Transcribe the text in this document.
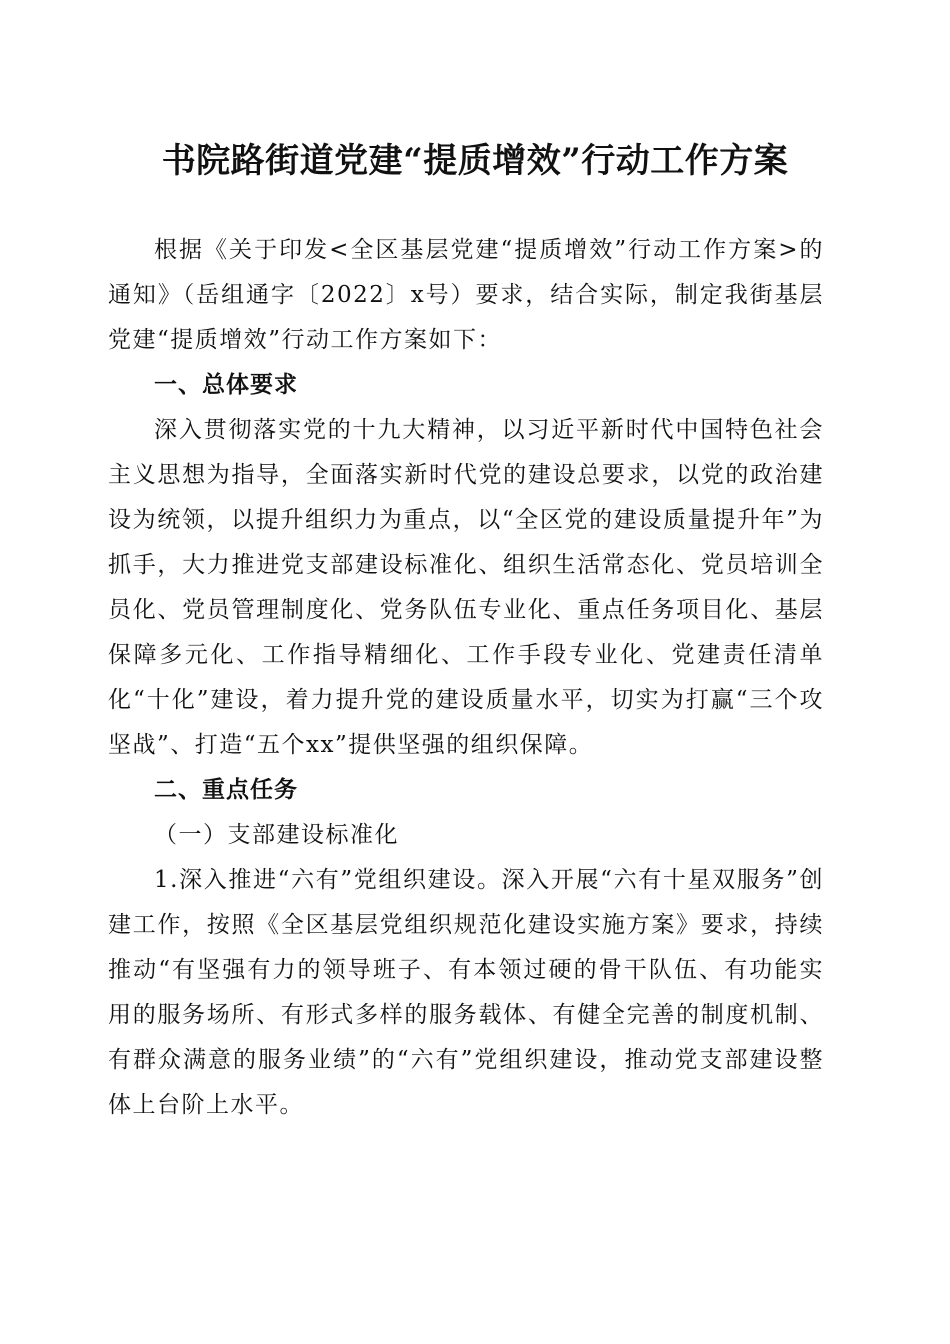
书院路街道党建“提质增效”行动工作方案

根据《关于印发<全区基层党建“提质增效”行动工作方案>的通知》（岳组通字〔2022〕x号）要求，结合实际，制定我街基层党建“提质增效”行动工作方案如下：

一、总体要求

深入贯彻落实党的十九大精神，以习近平新时代中国特色社会主义思想为指导，全面落实新时代党的建设总要求，以党的政治建设为统领，以提升组织力为重点，以“全区党的建设质量提升年”为抓手，大力推进党支部建设标准化、组织生活常态化、党员培训全员化、党员管理制度化、党务队伍专业化、重点任务项目化、基层保障多元化、工作指导精细化、工作手段专业化、党建责任清单化“十化”建设，着力提升党的建设质量水平，切实为打赢“三个攻坚战”、打造“五个xx”提供坚强的组织保障。

二、重点任务
（一）支部建设标准化

1.深入推进“六有”党组织建设。深入开展“六有十星双服务”创建工作，按照《全区基层党组织规范化建设实施方案》要求，持续推动“有坚强有力的领导班子、有本领过硬的骨干队伍、有功能实用的服务场所、有形式多样的服务载体、有健全完善的制度机制、有群众满意的服务业绩”的“六有”党组织建设，推动党支部建设整体上台阶上水平。
